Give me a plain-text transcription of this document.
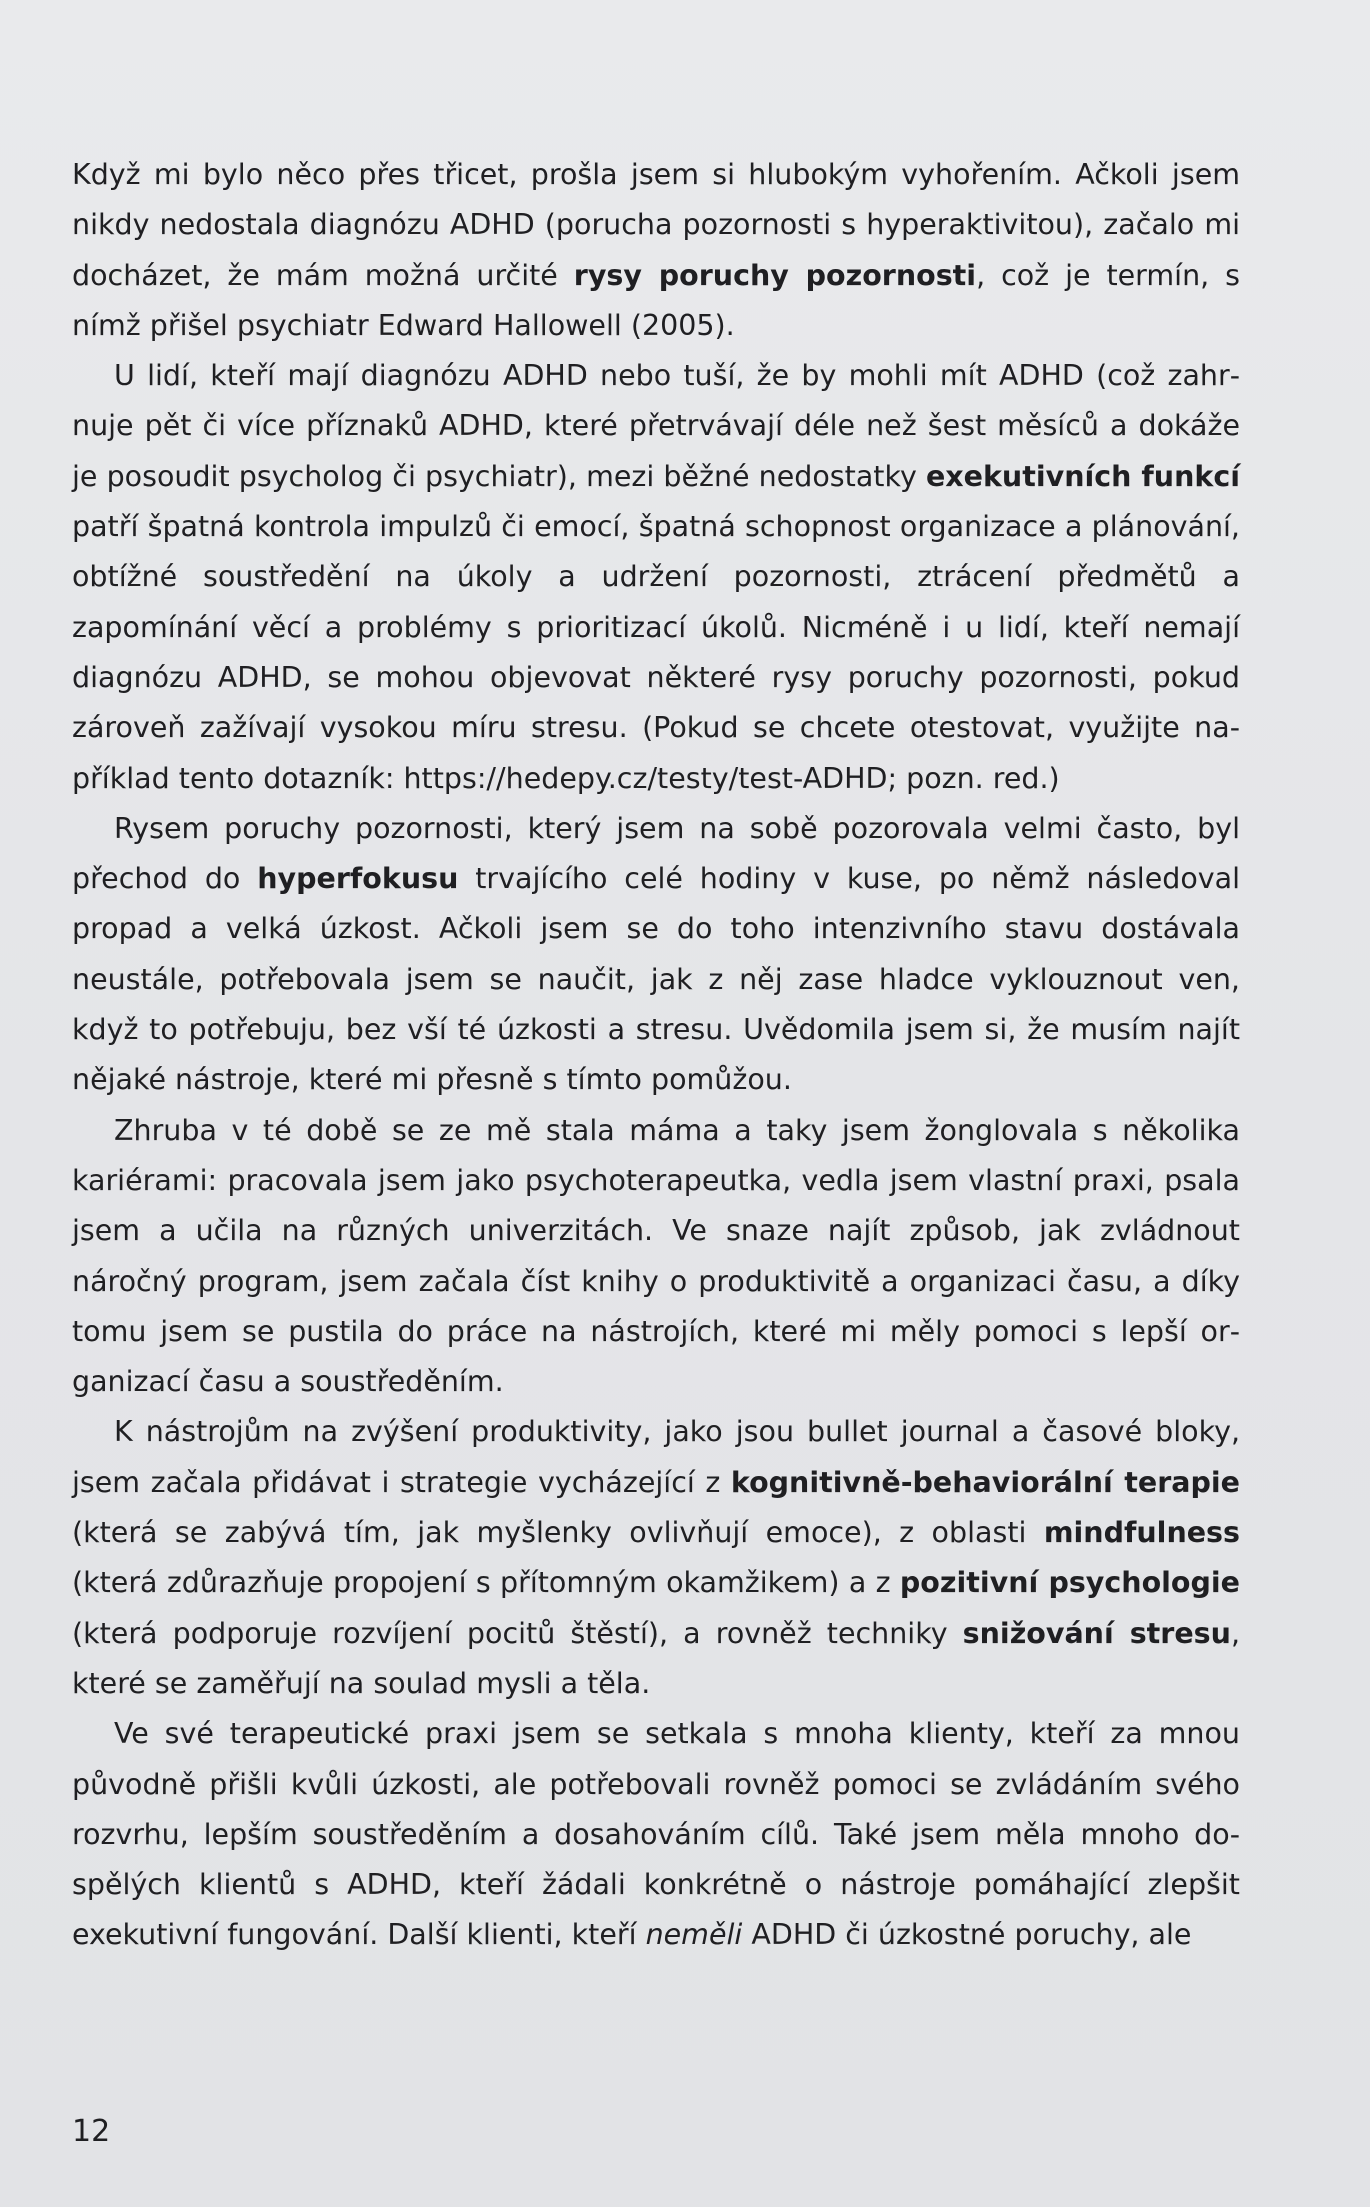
Když mi bylo něco přes třicet, prošla jsem si hlubokým vyhořením. Ačkoli jsem nikdy nedostala diagnózu ADHD (porucha pozornosti s hyperaktivitou), začalo mi docházet, že mám možná určité rysy poruchy pozornosti, což je termín, s nímž přišel psychiatr Edward Hallowell (2005).

U lidí, kteří mají diagnózu ADHD nebo tuší, že by mohli mít ADHD (což zahrnuje pět či více příznaků ADHD, které přetrvávají déle než šest měsíců a dokáže je posoudit psycholog či psychiatr), mezi běžné nedostatky exekutivních funkcí patří špatná kontrola impulzů či emocí, špatná schopnost organizace a plánování, obtížné soustředění na úkoly a udržení pozornosti, ztrácení předmětů a zapomínání věcí a problémy s prioritizací úkolů. Nicméně i u lidí, kteří nemají diagnózu ADHD, se mohou objevovat některé rysy poruchy pozornosti, pokud zároveň zažívají vysokou míru stresu. (Pokud se chcete otestovat, využijte například tento dotazník: https://hedepy.cz/testy/test-ADHD; pozn. red.)

Rysem poruchy pozornosti, který jsem na sobě pozorovala velmi často, byl přechod do hyperfokusu trvajícího celé hodiny v kuse, po němž následoval propad a velká úzkost. Ačkoli jsem se do toho intenzivního stavu dostávala neustále, potřebovala jsem se naučit, jak z něj zase hladce vyklouznout ven, když to potřebuju, bez vší té úzkosti a stresu. Uvědomila jsem si, že musím najít nějaké nástroje, které mi přesně s tímto pomůžou.

Zhruba v té době se ze mě stala máma a taky jsem žonglovala s několika kariérami: pracovala jsem jako psychoterapeutka, vedla jsem vlastní praxi, psala jsem a učila na různých univerzitách. Ve snaze najít způsob, jak zvládnout náročný program, jsem začala číst knihy o produktivitě a organizaci času, a díky tomu jsem se pustila do práce na nástrojích, které mi měly pomoci s lepší organizací času a soustředěním.

K nástrojům na zvýšení produktivity, jako jsou bullet journal a časové bloky, jsem začala přidávat i strategie vycházející z kognitivně-behaviorální terapie (která se zabývá tím, jak myšlenky ovlivňují emoce), z oblasti mindfulness (která zdůrazňuje propojení s přítomným okamžikem) a z pozitivní psychologie (která podporuje rozvíjení pocitů štěstí), a rovněž techniky snižování stresu, které se zaměřují na soulad mysli a těla.

Ve své terapeutické praxi jsem se setkala s mnoha klienty, kteří za mnou původně přišli kvůli úzkosti, ale potřebovali rovněž pomoci se zvládáním svého rozvrhu, lepším soustředěním a dosahováním cílů. Také jsem měla mnoho dospělých klientů s ADHD, kteří žádali konkrétně o nástroje pomáhající zlepšit exekutivní fungování. Další klienti, kteří neměli ADHD či úzkostné poruchy, ale

12
